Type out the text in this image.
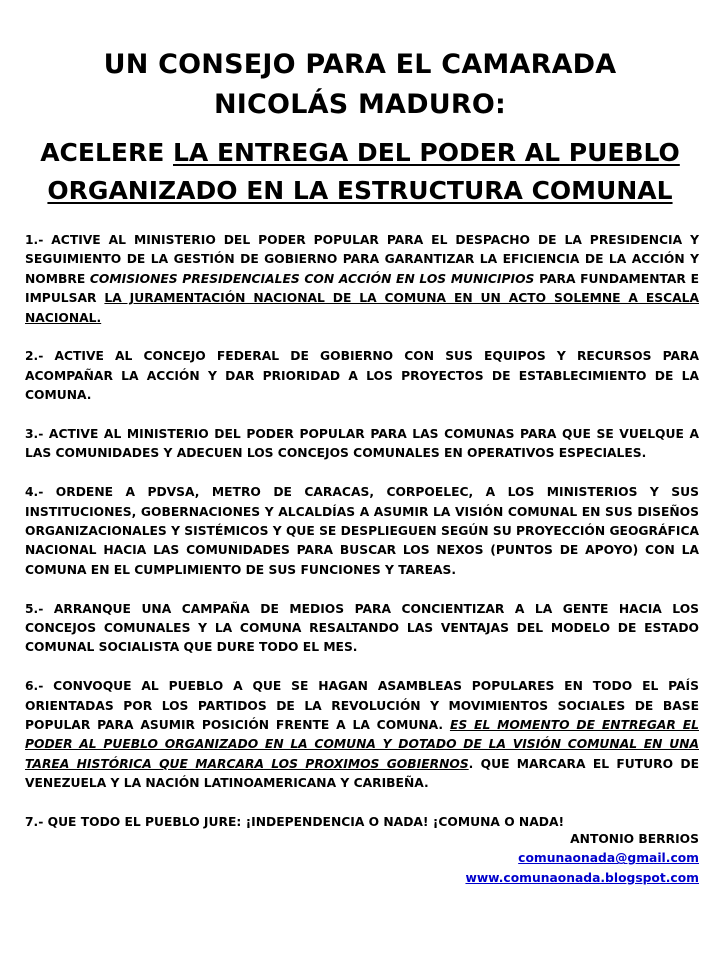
UN CONSEJO PARA EL CAMARADA
NICOLÁS MADURO:
ACELERE LA ENTREGA DEL PODER AL PUEBLO
ORGANIZADO EN LA ESTRUCTURA COMUNAL

1.- ACTIVE AL MINISTERIO DEL PODER POPULAR PARA EL DESPACHO DE LA PRESIDENCIA Y SEGUIMIENTO DE LA GESTIÓN DE GOBIERNO PARA GARANTIZAR LA EFICIENCIA DE LA ACCIÓN Y NOMBRE COMISIONES PRESIDENCIALES CON ACCIÓN EN LOS MUNICIPIOS PARA FUNDAMENTAR E IMPULSAR LA JURAMENTACIÓN NACIONAL DE LA COMUNA EN UN ACTO SOLEMNE A ESCALA NACIONAL.

2.- ACTIVE AL CONCEJO FEDERAL DE GOBIERNO CON SUS EQUIPOS Y RECURSOS PARA ACOMPAÑAR LA ACCIÓN Y DAR PRIORIDAD A LOS PROYECTOS DE ESTABLECIMIENTO DE LA COMUNA.

3.- ACTIVE AL MINISTERIO DEL PODER POPULAR PARA LAS COMUNAS PARA QUE SE VUELQUE A LAS COMUNIDADES Y ADECUEN LOS CONCEJOS COMUNALES EN OPERATIVOS ESPECIALES.

4.- ORDENE A PDVSA, METRO DE CARACAS, CORPOELEC, A LOS MINISTERIOS Y SUS INSTITUCIONES, GOBERNACIONES Y ALCALDÍAS A ASUMIR LA VISIÓN COMUNAL EN SUS DISEÑOS ORGANIZACIONALES Y SISTÉMICOS Y QUE SE DESPLIEGUEN SEGÚN SU PROYECCIÓN GEOGRÁFICA NACIONAL HACIA LAS COMUNIDADES PARA BUSCAR LOS NEXOS (PUNTOS DE APOYO) CON LA COMUNA EN EL CUMPLIMIENTO DE SUS FUNCIONES Y TAREAS.

5.- ARRANQUE UNA CAMPAÑA DE MEDIOS PARA CONCIENTIZAR A LA GENTE HACIA LOS CONCEJOS COMUNALES Y LA COMUNA RESALTANDO LAS VENTAJAS DEL MODELO DE ESTADO COMUNAL SOCIALISTA QUE DURE TODO EL MES.

6.- CONVOQUE AL PUEBLO A QUE SE HAGAN ASAMBLEAS POPULARES EN TODO EL PAÍS ORIENTADAS POR LOS PARTIDOS DE LA REVOLUCIÓN Y MOVIMIENTOS SOCIALES DE BASE POPULAR PARA ASUMIR POSICIÓN FRENTE A LA COMUNA. ES EL MOMENTO DE ENTREGAR EL PODER AL PUEBLO ORGANIZADO EN LA COMUNA Y DOTADO DE LA VISIÓN COMUNAL EN UNA TAREA HISTÓRICA QUE MARCARA LOS PROXIMOS GOBIERNOS. QUE MARCARA EL FUTURO DE VENEZUELA Y LA NACIÓN LATINOAMERICANA Y CARIBEÑA.

7.- QUE TODO EL PUEBLO JURE: ¡INDEPENDENCIA O NADA! ¡COMUNA O NADA!

ANTONIO BERRIOS
comunaonada@gmail.com
www.comunaonada.blogspot.com
